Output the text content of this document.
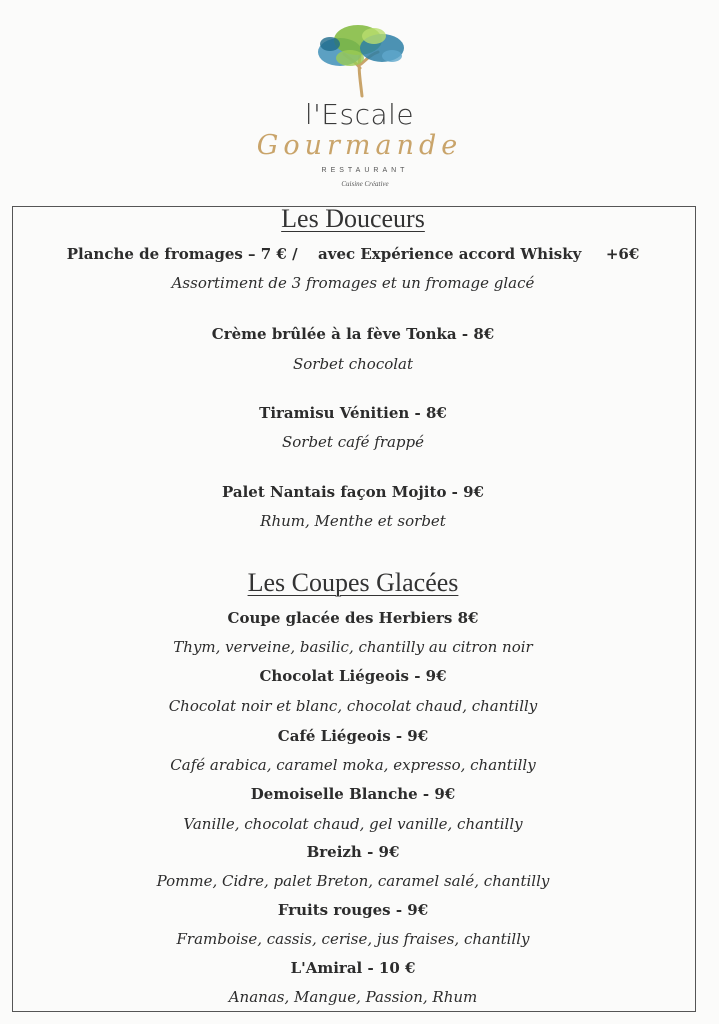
l'Escale
Gourmande
RESTAURANT
Cuisine Créative
Les Douceurs
Planche de fromages – 7 € / avec Expérience accord Whisky +6€
Assortiment de 3 fromages et un fromage glacé
Crème brûlée à la fève Tonka - 8€
Sorbet chocolat
Tiramisu Vénitien - 8€
Sorbet café frappé
Palet Nantais façon Mojito - 9€
Rhum, Menthe et sorbet
Les Coupes Glacées
Coupe glacée des Herbiers 8€
Thym, verveine, basilic, chantilly au citron noir
Chocolat Liégeois - 9€
Chocolat noir et blanc, chocolat chaud, chantilly
Café Liégeois - 9€
Café arabica, caramel moka, expresso, chantilly
Demoiselle Blanche - 9€
Vanille, chocolat chaud, gel vanille, chantilly
Breizh - 9€
Pomme, Cidre, palet Breton, caramel salé, chantilly
Fruits rouges - 9€
Framboise, cassis, cerise, jus fraises, chantilly
L'Amiral - 10 €
Ananas, Mangue, Passion, Rhum
